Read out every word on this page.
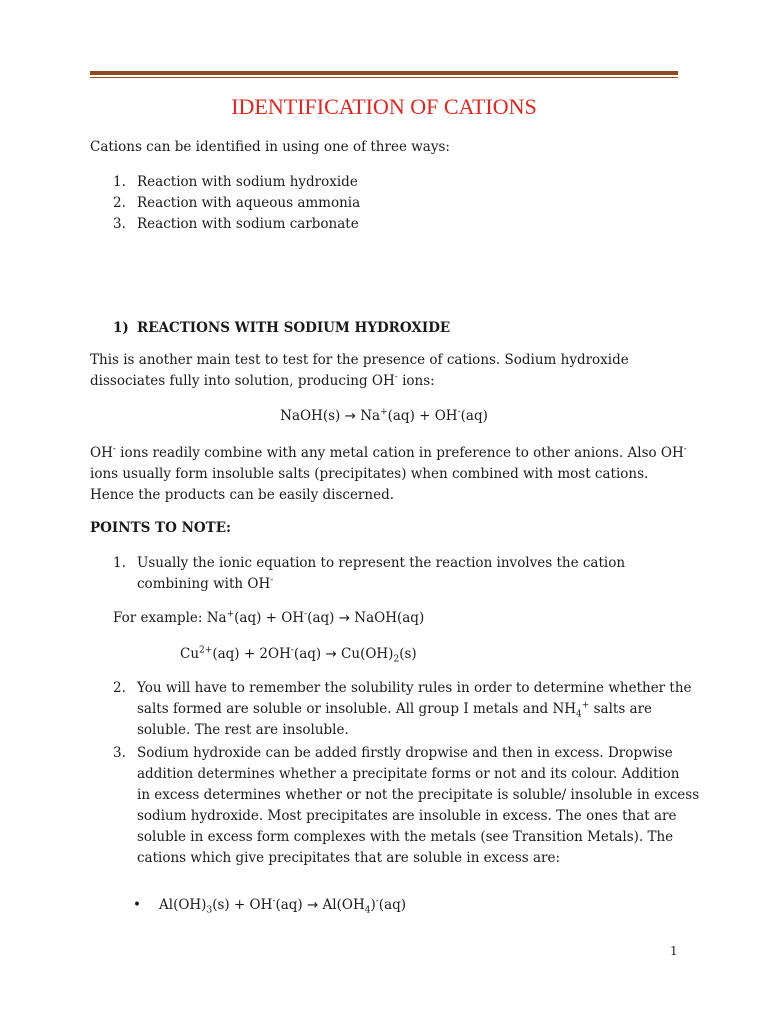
IDENTIFICATION OF CATIONS
Cations can be identified in using one of three ways:
1. Reaction with sodium hydroxide
2. Reaction with aqueous ammonia
3. Reaction with sodium carbonate
1) REACTIONS WITH SODIUM HYDROXIDE
This is another main test to test for the presence of cations. Sodium hydroxide
dissociates fully into solution, producing OH- ions:
NaOH(s) → Na+(aq) + OH-(aq)
OH- ions readily combine with any metal cation in preference to other anions. Also OH-
ions usually form insoluble salts (precipitates) when combined with most cations.
Hence the products can be easily discerned.
POINTS TO NOTE:
1. Usually the ionic equation to represent the reaction involves the cation
combining with OH-
For example: Na+(aq) + OH-(aq) → NaOH(aq)
$Cu^{2+}(aq) + 2OH^-(aq) \to Cu(OH)_2(s)$
2. You will have to remember the solubility rules in order to determine whether the
salts formed are soluble or insoluble. All group I metals and $NH_4^+$ salts are
soluble. The rest are insoluble.
3. Sodium hydroxide can be added firstly dropwise and then in excess. Dropwise
addition determines whether a precipitate forms or not and its colour. Addition
in excess determines whether or not the precipitate is soluble/ insoluble in excess
sodium hydroxide. Most precipitates are insoluble in excess. The ones that are
soluble in excess form complexes with the metals (see Transition Metals). The
cations which give precipitates that are soluble in excess are:
• $Al(OH)_3(s) + OH^-(aq) \to Al(OH_4)^-(aq)$
1
